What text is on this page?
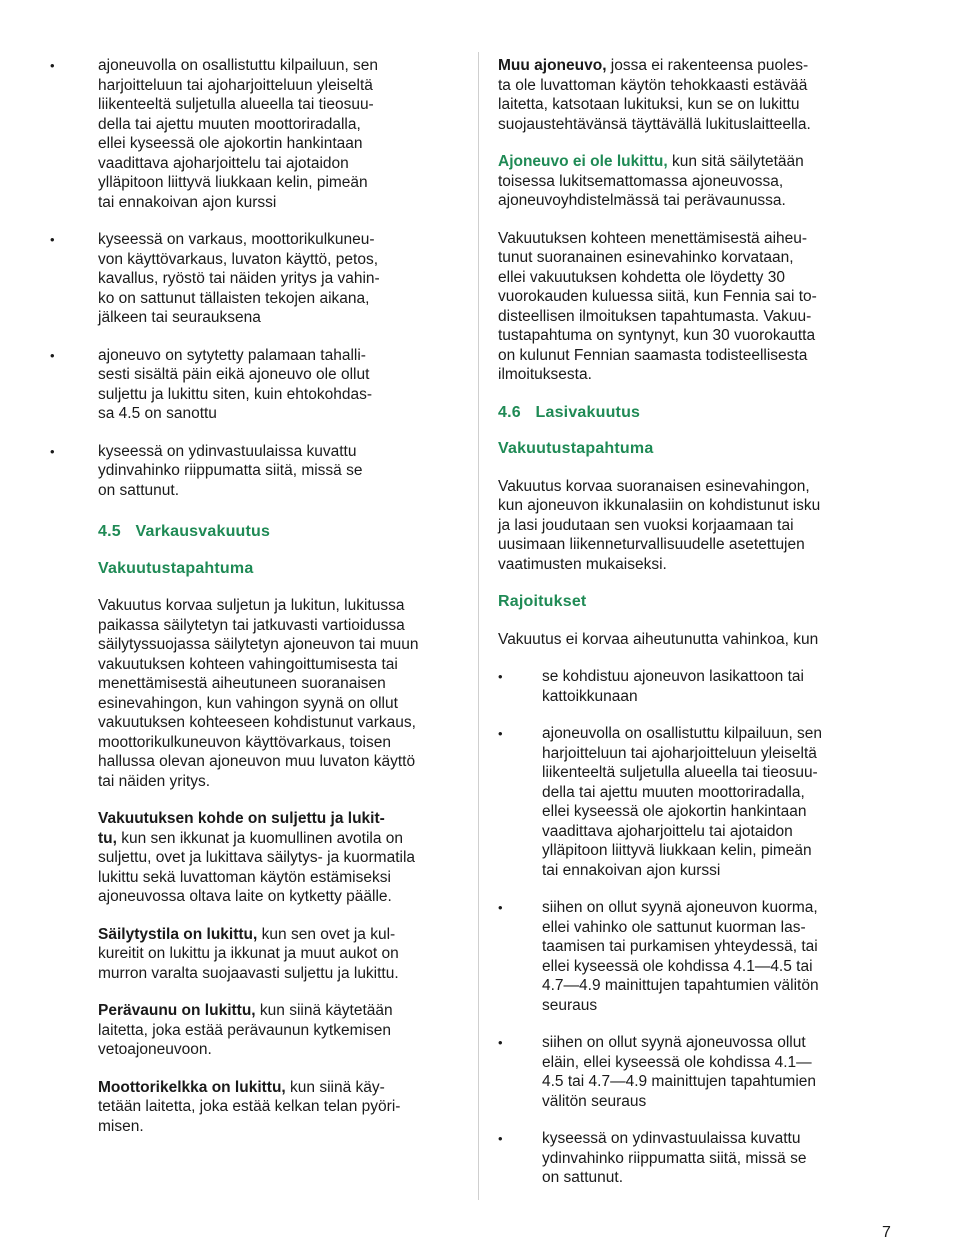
•	ajoneuvolla on osallistuttu kilpailuun, sen
harjoitteluun tai ajoharjoitteluun yleiseltä
liikenteeltä suljetulla alueella tai tieosuu-
della tai ajettu muuten moottoriradalla,
ellei kyseessä ole ajokortin hankintaan
vaadittava ajoharjoittelu tai ajotaidon
ylläpitoon liittyvä liukkaan kelin, pimeän
tai ennakoivan ajon kurssi
•	kyseessä on varkaus, moottorikulkuneu-
von käyttövarkaus, luvaton käyttö, petos,
kavallus, ryöstö tai näiden yritys ja vahin-
ko on sattunut tällaisten tekojen aikana,
jälkeen tai seurauksena
•	ajoneuvo on sytytetty palamaan tahalli-
sesti sisältä päin eikä ajoneuvo ole ollut
suljettu ja lukittu siten, kuin ehtokohdas-
sa 4.5 on sanottu
•	kyseessä on ydinvastuulaissa kuvattu
ydinvahinko riippumatta siitä, missä se
on sattunut.
4.5 Varkausvakuutus
Vakuutustapahtuma

Vakuutus korvaa suljetun ja lukitun, lukitussa
paikassa säilytetyn tai jatkuvasti vartioidussa
säilytyssuojassa säilytetyn ajoneuvon tai muun
vakuutuksen kohteen vahingoittumisesta tai
menettämisestä aiheutuneen suoranaisen
esinevahingon, kun vahingon syynä on ollut
vakuutuksen kohteeseen kohdistunut varkaus,
moottorikulkuneuvon käyttövarkaus, toisen
hallussa olevan ajoneuvon muu luvaton käyttö
tai näiden yritys.

Vakuutuksen kohde on suljettu ja lukit-
tu, kun sen ikkunat ja kuomullinen avotila on
suljettu, ovet ja lukittava säilytys- ja kuormatila
lukittu sekä luvattoman käytön estämiseksi
ajoneuvossa oltava laite on kytketty päälle.

Säilytystila on lukittu, kun sen ovet ja kul-
kureitit on lukittu ja ikkunat ja muut aukot on
murron varalta suojaavasti suljettu ja lukittu.

Perävaunu on lukittu, kun siinä käytetään
laitetta, joka estää perävaunun kytkemisen
vetoajoneuvoon.

Moottorikelkka on lukittu, kun siinä käy-
tetään laitetta, joka estää kelkan telan pyöri-
misen.

Muu ajoneuvo, jossa ei rakenteensa puoles-
ta ole luvattoman käytön tehokkaasti estävää
laitetta, katsotaan lukituksi, kun se on lukittu
suojaustehtävänsä täyttävällä lukituslaitteella.

Ajoneuvo ei ole lukittu, kun sitä säilytetään
toisessa lukitsemattomassa ajoneuvossa,
ajoneuvoyhdistelmässä tai perävaunussa.

Vakuutuksen kohteen menettämisestä aiheu-
tunut suoranainen esinevahinko korvataan,
ellei vakuutuksen kohdetta ole löydetty 30
vuorokauden kuluessa siitä, kun Fennia sai to-
disteellisen ilmoituksen tapahtumasta. Vakuu-
tustapahtuma on syntynyt, kun 30 vuorokautta
on kulunut Fennian saamasta todisteellisesta
ilmoituksesta.

4.6 Lasivakuutus
Vakuutustapahtuma

Vakuutus korvaa suoranaisen esinevahingon,
kun ajoneuvon ikkunalasiin on kohdistunut isku
ja lasi joudutaan sen vuoksi korjaamaan tai
uusimaan liikenneturvallisuudelle asetettujen
vaatimusten mukaiseksi.

Rajoitukset

Vakuutus ei korvaa aiheutunutta vahinkoa, kun

•	se kohdistuu ajoneuvon lasikattoon tai
kattoikkunaan
•	ajoneuvolla on osallistuttu kilpailuun, sen
harjoitteluun tai ajoharjoitteluun yleiseltä
liikenteeltä suljetulla alueella tai tieosuu-
della tai ajettu muuten moottoriradalla,
ellei kyseessä ole ajokortin hankintaan
vaadittava ajoharjoittelu tai ajotaidon
ylläpitoon liittyvä liukkaan kelin, pimeän
tai ennakoivan ajon kurssi
•	siihen on ollut syynä ajoneuvon kuorma,
ellei vahinko ole sattunut kuorman las-
taamisen tai purkamisen yhteydessä, tai
ellei kyseessä ole kohdissa 4.1—4.5 tai
4.7—4.9 mainittujen tapahtumien välitön
seuraus
•	siihen on ollut syynä ajoneuvossa ollut
eläin, ellei kyseessä ole kohdissa 4.1—
4.5 tai 4.7—4.9 mainittujen tapahtumien
välitön seuraus
•	kyseessä on ydinvastuulaissa kuvattu
ydinvahinko riippumatta siitä, missä se
on sattunut.
7
